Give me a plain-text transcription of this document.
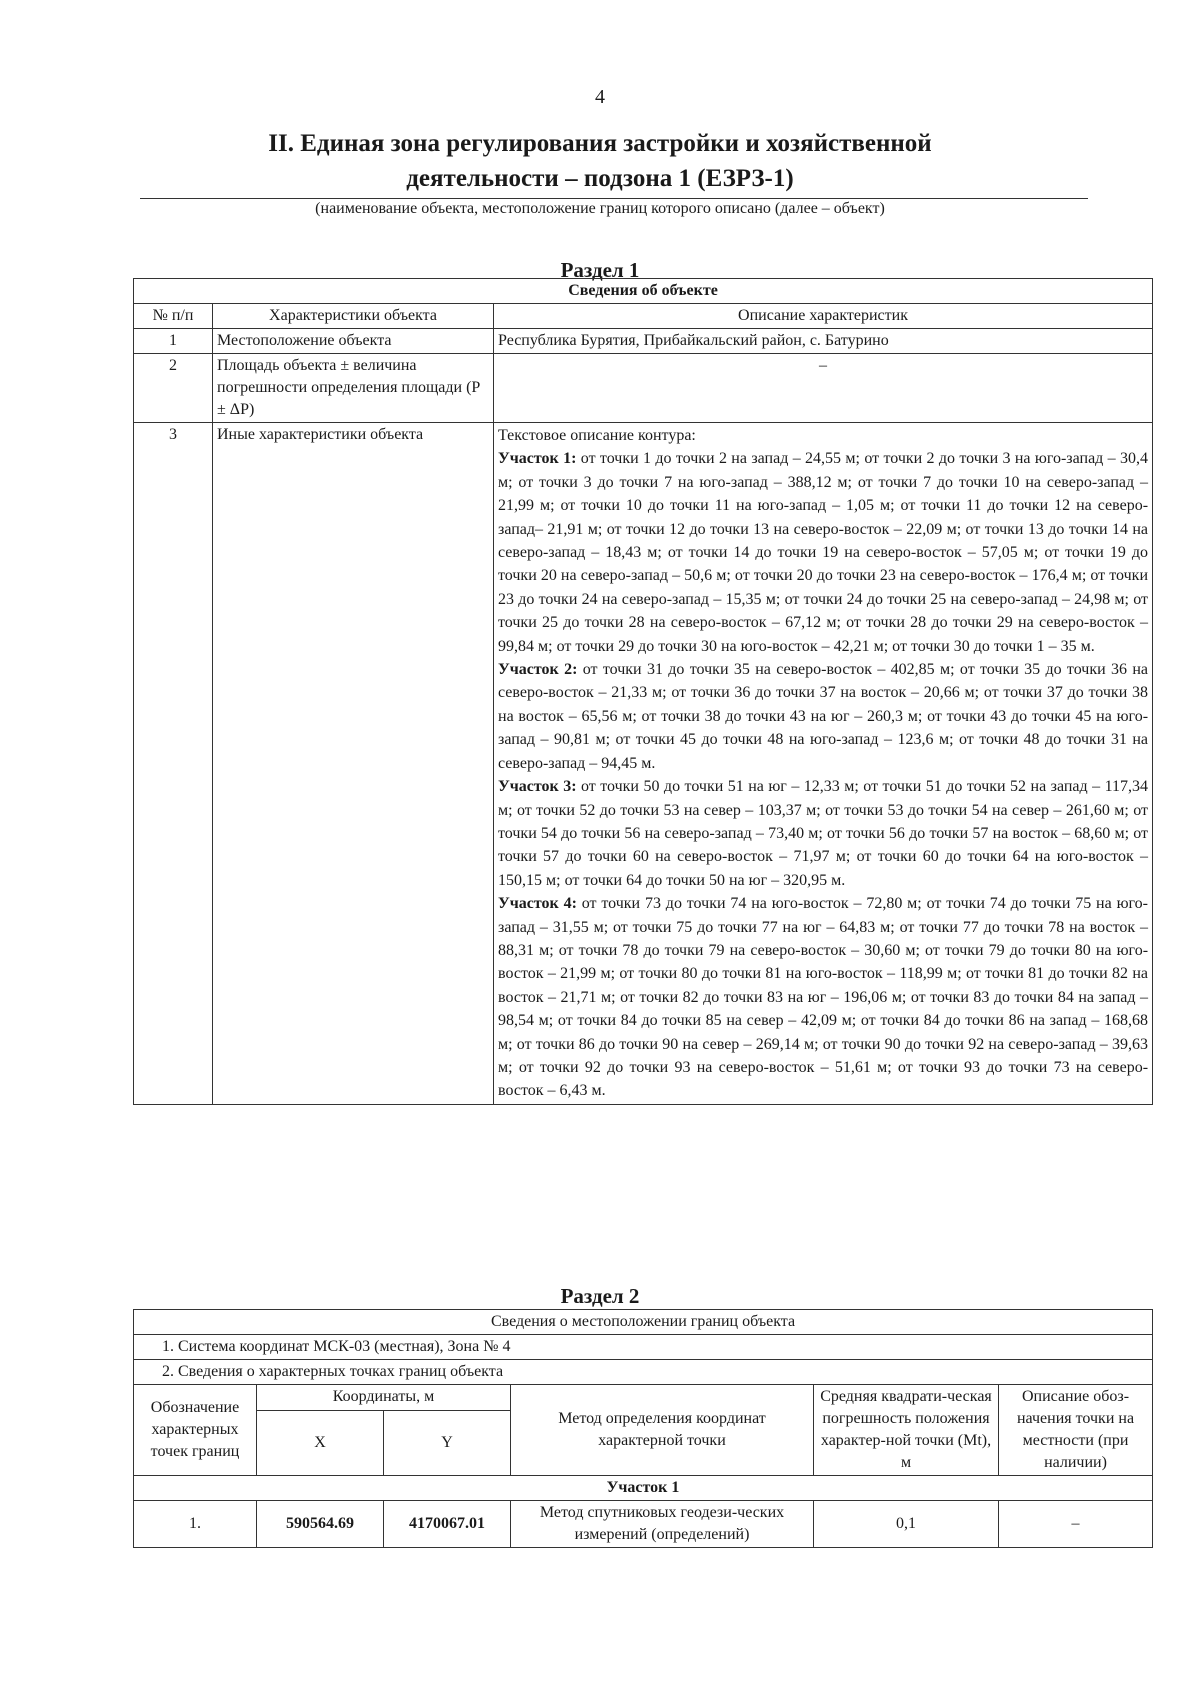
4
II. Единая зона регулирования застройки и хозяйственной
деятельности – подзона 1 (ЕЗРЗ-1)
(наименование объекта, местоположение границ которого описано (далее – объект)
Раздел 1
Сведения об объекте		
№ п/п	Характеристики объекта	Описание характеристик
1	Местоположение объекта	Республика Бурятия, Прибайкальский район, с. Батурино
2	Площадь объекта ± величина погрешности определения площади (P ± ΔP)	–
3	Иные характеристики объекта	Текстовое описание контура:

Участок 1: от точки 1 до точки 2 на запад – 24,55 м; от точки 2 до точки 3 на юго-запад – 30,4 м; от точки 3 до точки 7 на юго-запад – 388,12 м; от точки 7 до точки 10 на северо-запад – 21,99 м; от точки 10 до точки 11 на юго-запад – 1,05 м; от точки 11 до точки 12 на северо-запад– 21,91 м; от точки 12 до точки 13 на северо-восток – 22,09 м; от точки 13 до точки 14 на северо-запад – 18,43 м; от точки 14 до точки 19 на северо-восток – 57,05 м; от точки 19 до точки 20 на северо-запад – 50,6 м; от точки 20 до точки 23 на северо-восток – 176,4 м; от точки 23 до точки 24 на северо-запад – 15,35 м; от точки 24 до точки 25 на северо-запад – 24,98 м; от точки 25 до точки 28 на северо-восток – 67,12 м; от точки 28 до точки 29 на северо-восток – 99,84 м; от точки 29 до точки 30 на юго-восток – 42,21 м; от точки 30 до точки 1 – 35 м.

Участок 2: от точки 31 до точки 35 на северо-восток – 402,85 м; от точки 35 до точки 36 на северо-восток – 21,33 м; от точки 36 до точки 37 на восток – 20,66 м; от точки 37 до точки 38 на восток – 65,56 м; от точки 38 до точки 43 на юг – 260,3 м; от точки 43 до точки 45 на юго-запад – 90,81 м; от точки 45 до точки 48 на юго-запад – 123,6 м; от точки 48 до точки 31 на северо-запад – 94,45 м.

Участок 3: от точки 50 до точки 51 на юг – 12,33 м; от точки 51 до точки 52 на запад – 117,34 м; от точки 52 до точки 53 на север – 103,37 м; от точки 53 до точки 54 на север – 261,60 м; от точки 54 до точки 56 на северо-запад – 73,40 м; от точки 56 до точки 57 на восток – 68,60 м; от точки 57 до точки 60 на северо-восток – 71,97 м; от точки 60 до точки 64 на юго-восток – 150,15 м; от точки 64 до точки 50 на юг – 320,95 м.

Участок 4: от точки 73 до точки 74 на юго-восток – 72,80 м; от точки 74 до точки 75 на юго-запад – 31,55 м; от точки 75 до точки 77 на юг – 64,83 м; от точки 77 до точки 78 на восток – 88,31 м; от точки 78 до точки 79 на северо-восток – 30,60 м; от точки 79 до точки 80 на юго-восток – 21,99 м; от точки 80 до точки 81 на юго-восток – 118,99 м; от точки 81 до точки 82 на восток – 21,71 м; от точки 82 до точки 83 на юг – 196,06 м; от точки 83 до точки 84 на запад – 98,54 м; от точки 84 до точки 85 на север – 42,09 м; от точки 84 до точки 86 на запад – 168,68 м; от точки 86 до точки 90 на север – 269,14 м; от точки 90 до точки 92 на северо-запад – 39,63 м; от точки 92 до точки 93 на северо-восток – 51,61 м; от точки 93 до точки 73 на северо-восток – 6,43 м.

Раздел 2
Сведения о местоположении границ объекта					
1. Система координат МСК-03 (местная), Зона № 4					
2. Сведения о характерных точках границ объекта					
Обозначение характерных точек границ	Координаты, м		Метод определения координат характерной точки	Средняя квадрати-ческая погрешность положения характер-ной точки (Mt), м	Описание обоз-начения точки на местности (при наличии)
	X	Y			
Участок 1					
1.	590564.69	4170067.01	Метод спутниковых геодези-ческих измерений (определений)	0,1	–
